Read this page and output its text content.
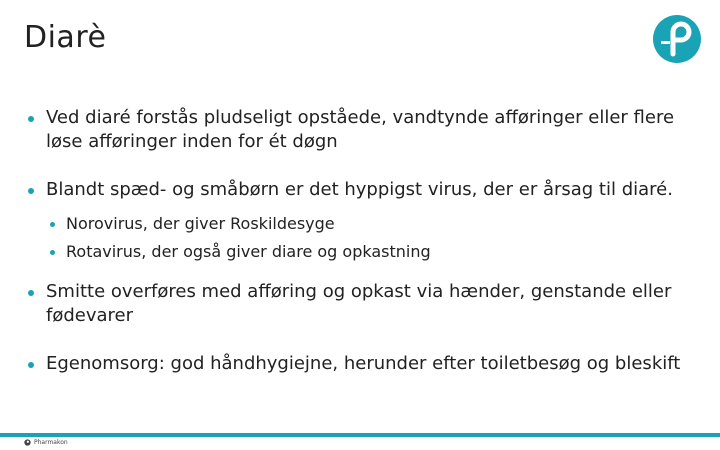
Diarè
Ved diaré forstås pludseligt opståede, vandtynde afføringer eller flere løse afføringer inden for ét døgn
Blandt spæd- og småbørn er det hyppigst virus, der er årsag til diaré.
Norovirus, der giver Roskildesyge
Rotavirus, der også giver diare og opkastning
Smitte overføres med afføring og opkast via hænder, genstande eller fødevarer
Egenomsorg: god håndhygiejne, herunder efter toiletbesøg og bleskift
Pharmakon
